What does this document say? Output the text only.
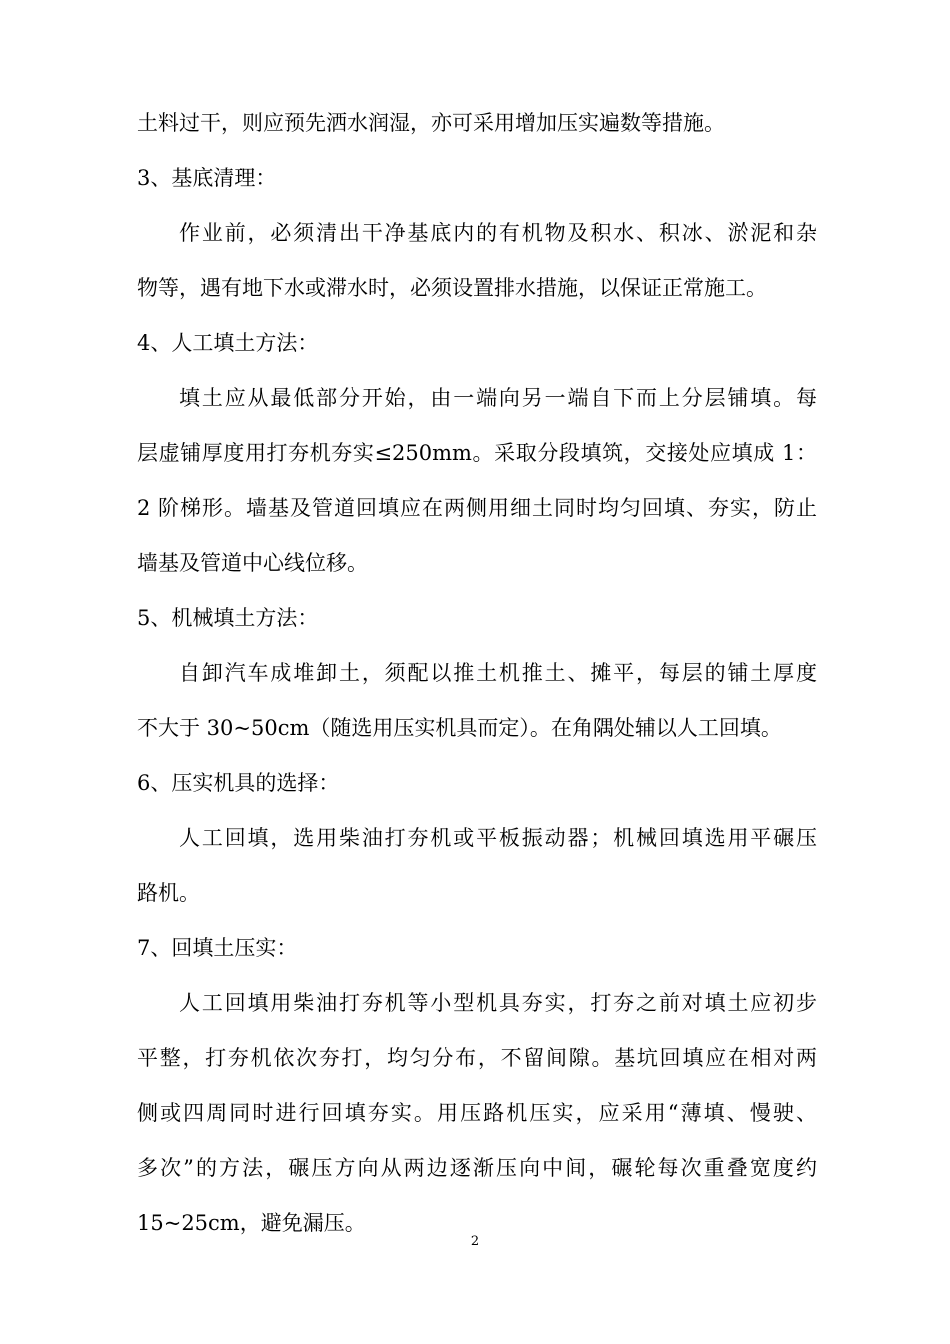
土料过干，则应预先洒水润湿，亦可采用增加压实遍数等措施。
3、基底清理：
作业前，必须清出干净基底内的有机物及积水、积冰、淤泥和杂
物等，遇有地下水或滞水时，必须设置排水措施，以保证正常施工。
4、人工填土方法：
填土应从最低部分开始，由一端向另一端自下而上分层铺填。每
层虚铺厚度用打夯机夯实≤250mm。采取分段填筑，交接处应填成 1：
2 阶梯形。墙基及管道回填应在两侧用细土同时均匀回填、夯实，防止
墙基及管道中心线位移。
5、机械填土方法：
自卸汽车成堆卸土，须配以推土机推土、摊平，每层的铺土厚度
不大于 30~50cm（随选用压实机具而定）。在角隅处辅以人工回填。
6、压实机具的选择：
人工回填，选用柴油打夯机或平板振动器；机械回填选用平碾压
路机。
7、回填土压实：
人工回填用柴油打夯机等小型机具夯实，打夯之前对填土应初步
平整，打夯机依次夯打，均匀分布，不留间隙。基坑回填应在相对两
侧或四周同时进行回填夯实。用压路机压实，应采用“薄填、慢驶、
多次”的方法，碾压方向从两边逐渐压向中间，碾轮每次重叠宽度约
15~25cm，避免漏压。
2
